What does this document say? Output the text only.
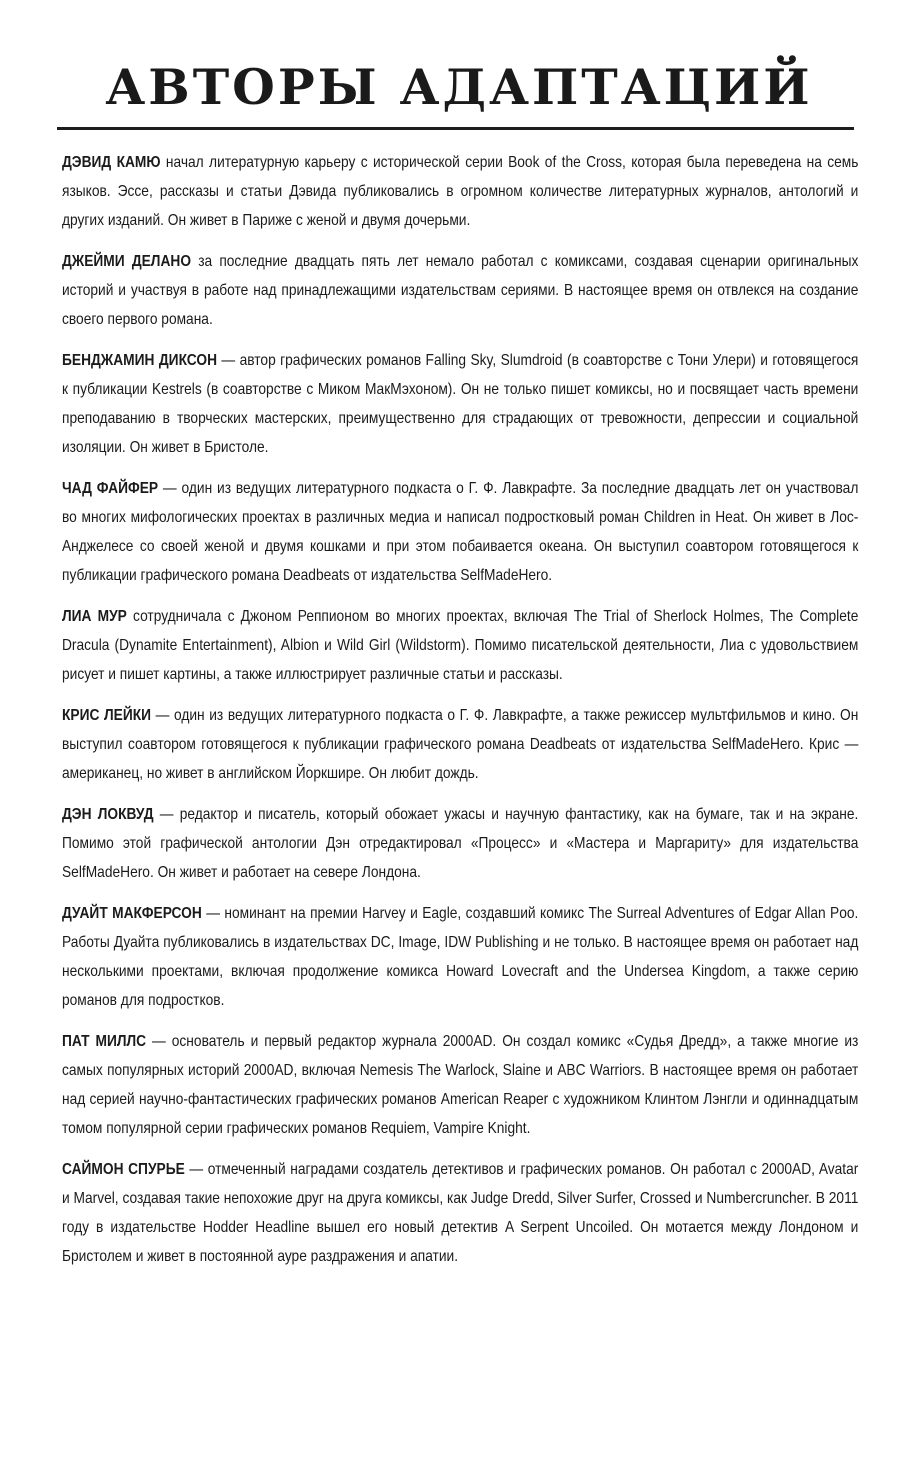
АВТОРЫ АДАПТАЦИЙ

ДЭВИД КАМЮ начал литературную карьеру с исторической серии Book of the Cross, которая была переведена на семь языков. Эссе, рассказы и статьи Дэвида публиковались в огромном количестве литературных журналов, антологий и других изданий. Он живет в Париже с женой и двумя дочерьми.

ДЖЕЙМИ ДЕЛАНО за последние двадцать пять лет немало работал с комиксами, создавая сценарии оригинальных историй и участвуя в работе над принадлежащими издательствам сериями. В настоящее время он отвлекся на создание своего первого романа.

БЕНДЖАМИН ДИКСОН — автор графических романов Falling Sky, Slumdroid (в соавторстве с Тони Улери) и готовящегося к публикации Kestrels (в соавторстве с Миком МакМэхоном). Он не только пишет комиксы, но и посвящает часть времени преподаванию в творческих мастерских, преимущественно для страдающих от тревожности, депрессии и социальной изоляции. Он живет в Бристоле.

ЧАД ФАЙФЕР — один из ведущих литературного подкаста о Г. Ф. Лавкрафте. За последние двадцать лет он участвовал во многих мифологических проектах в различных медиа и написал подростковый роман Children in Heat. Он живет в Лос-Анджелесе со своей женой и двумя кошками и при этом побаивается океана. Он выступил соавтором готовящегося к публикации графического романа Deadbeats от издательства SelfMadeHero.

ЛИА МУР сотрудничала с Джоном Реппионом во многих проектах, включая The Trial of Sherlock Holmes, The Complete Dracula (Dynamite Entertainment), Albion и Wild Girl (Wildstorm). Помимо писательской деятельности, Лиа с удовольствием рисует и пишет картины, а также иллюстрирует различные статьи и рассказы.

КРИС ЛЕЙКИ — один из ведущих литературного подкаста о Г. Ф. Лавкрафте, а также режиссер мультфильмов и кино. Он выступил соавтором готовящегося к публикации графического романа Deadbeats от издательства SelfMadeHero. Крис — американец, но живет в английском Йоркшире. Он любит дождь.

ДЭН ЛОКВУД — редактор и писатель, который обожает ужасы и научную фантастику, как на бумаге, так и на экране. Помимо этой графической антологии Дэн отредактировал «Процесс» и «Мастера и Маргариту» для издательства SelfMadeHero. Он живет и работает на севере Лондона.

ДУАЙТ МАКФЕРСОН — номинант на премии Harvey и Eagle, создавший комикс The Surreal Adventures of Edgar Allan Poo. Работы Дуайта публиковались в издательствах DC, Image, IDW Publishing и не только. В настоящее время он работает над несколькими проектами, включая продолжение комикса Howard Lovecraft and the Undersea Kingdom, а также серию романов для подростков.

ПАТ МИЛЛС — основатель и первый редактор журнала 2000AD. Он создал комикс «Судья Дредд», а также многие из самых популярных историй 2000AD, включая Nemesis The Warlock, Slaine и ABC Warriors. В настоящее время он работает над серией научно-фантастических графических романов American Reaper с художником Клинтом Лэнгли и одиннадцатым томом популярной серии графических романов Requiem, Vampire Knight.

САЙМОН СПУРЬЕ — отмеченный наградами создатель детективов и графических романов. Он работал с 2000AD, Avatar и Marvel, создавая такие непохожие друг на друга комиксы, как Judge Dredd, Silver Surfer, Crossed и Numbercruncher. В 2011 году в издательстве Hodder Headline вышел его новый детектив A Serpent Uncoiled. Он мотается между Лондоном и Бристолем и живет в постоянной ауре раздражения и апатии.
